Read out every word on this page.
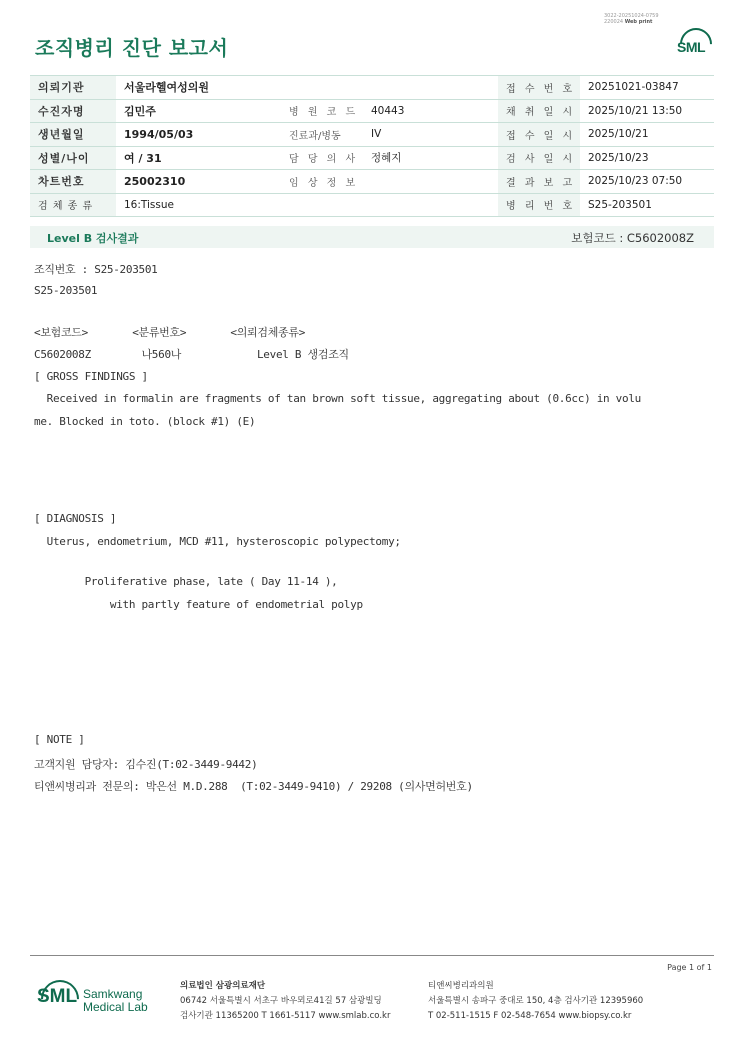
조직병리 진단 보고서
3022-20251024-0759
220024 Web print
SML
의뢰기관	서울라헬여성의원			접 수 번 호	20251021-03847
수진자명	김민주	병 원 코 드	40443	채 취 일 시	2025/10/21 13:50
생년월일	1994/05/03	진료과/병동	IV	접 수 일 시	2025/10/21
성별/나이	여 / 31	담 당 의 사	정혜지	검 사 일 시	2025/10/23
차트번호	25002310	임 상 정 보		결 과 보 고	2025/10/23 07:50
검 체 종 류	16:Tissue			병 리 번 호	S25-203501
Level B 검사결과	보험코드 : C5602008Z
조직번호 : S25-203501
S25-203501
<보험코드>       <분류번호>       <의뢰검체종류>
C5602008Z        나560나            Level B 생검조직
[ GROSS FINDINGS ]
Received in formalin are fragments of tan brown soft tissue, aggregating about (0.6cc) in volu
me. Blocked in toto. (block #1) (E)
[ DIAGNOSIS ]
Uterus, endometrium, MCD #11, hysteroscopic polypectomy;
Proliferative phase, late ( Day 11-14 ),
with partly feature of endometrial polyp
[ NOTE ]
고객지원 담당자: 김수진(T:02-3449-9442)
티앤씨병리과 전문의: 박은선 M.D.288  (T:02-3449-9410) / 29208 (의사면허번호)
Page 1 of 1
SML Samkwang
Medical Lab
의료법인 삼광의료재단
06742 서울특별시 서초구 바우뫼로41길 57 삼광빌딩
검사기관 11365200 T 1661-5117 www.smlab.co.kr
티앤씨병리과의원
서울특별시 송파구 중대로 150, 4층 검사기관 12395960
T 02-511-1515 F 02-548-7654 www.biopsy.co.kr
